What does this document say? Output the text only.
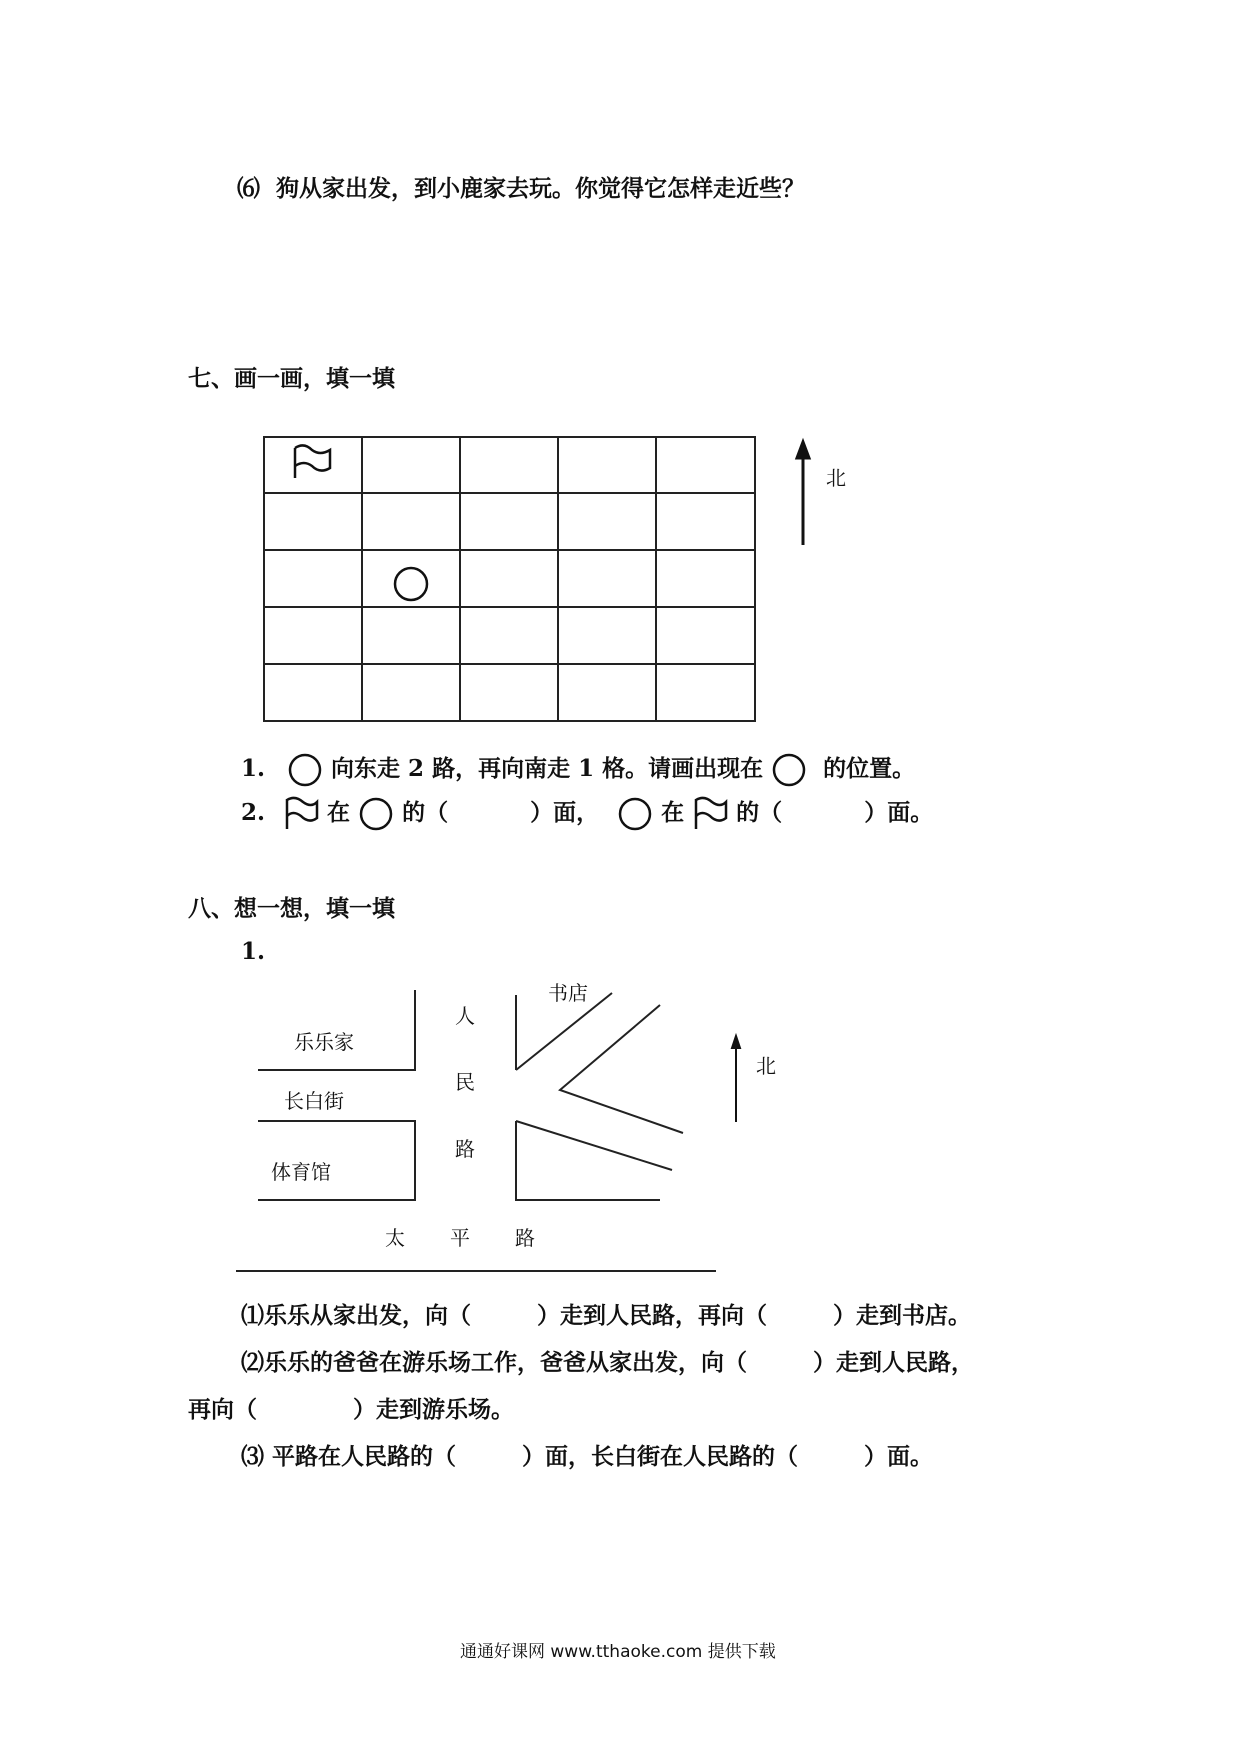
⑹ 狗从家出发，到小鹿家去玩。你觉得它怎样走近些？
七、画一画，填一填
北
1.	向东走 2 路，再向南走 1 格。请画出现在	的位置。
2.	在 的（	）面，	在 的（	）面。
八、想一想，填一填
1.
乐乐家
长白街
体育馆
书店
人
民
路
太 平 路
北
⑴乐乐从家出发，向（	）走到人民路，再向（	）走到书店。
⑵乐乐的爸爸在游乐场工作，爸爸从家出发，向（	）走到人民路，
再向（	）走到游乐场。
⑶ 平路在人民路的（	）面，长白街在人民路的（	）面。
通通好课网 www.tthaoke.com 提供下载
